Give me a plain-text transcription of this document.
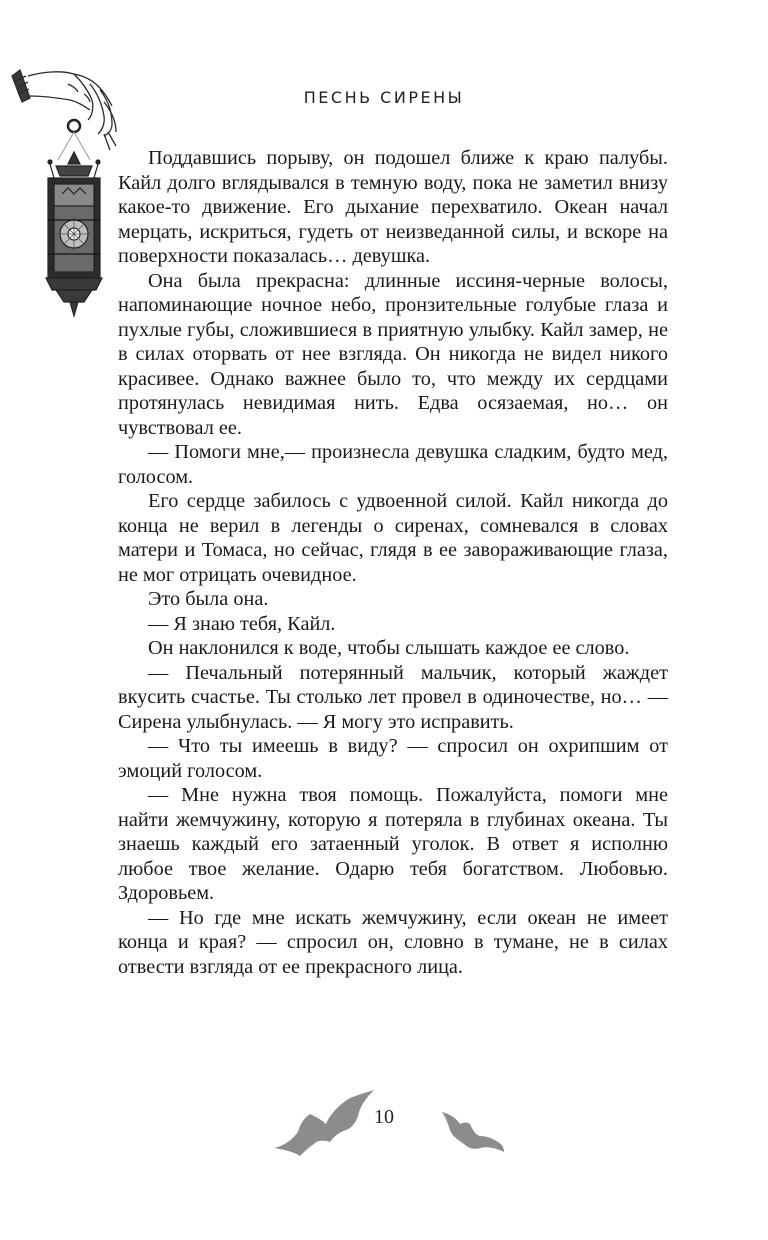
ПЕСНЬ СИРЕНЫ

Поддавшись порыву, он подошел ближе к краю палубы. Кайл долго вглядывался в темную воду, пока не заметил внизу какое-то движение. Его дыхание перехватило. Океан начал мерцать, искриться, гудеть от неизведанной силы, и вскоре на поверхности показалась… девушка.

Она была прекрасна: длинные иссиня-черные волосы, напоминающие ночное небо, пронзительные голубые глаза и пухлые губы, сложившиеся в приятную улыбку. Кайл замер, не в силах оторвать от нее взгляда. Он никогда не видел никого красивее. Однако важнее было то, что между их сердцами протянулась невидимая нить. Едва осязаемая, но… он чувствовал ее.

— Помоги мне,— произнесла девушка сладким, будто мед, голосом.

Его сердце забилось с удвоенной силой. Кайл никогда до конца не верил в легенды о сиренах, сомневался в словах матери и Томаса, но сейчас, глядя в ее завораживающие глаза, не мог отрицать очевидное.

Это была она.

— Я знаю тебя, Кайл.

Он наклонился к воде, чтобы слышать каждое ее слово.

— Печальный потерянный мальчик, который жаждет вкусить счастье. Ты столько лет провел в одиночестве, но… — Сирена улыбнулась. — Я могу это исправить.

— Что ты имеешь в виду? — спросил он охрипшим от эмоций голосом.

— Мне нужна твоя помощь. Пожалуйста, помоги мне найти жемчужину, которую я потеряла в глубинах океана. Ты знаешь каждый его затаенный уголок. В ответ я исполню любое твое желание. Одарю тебя богатством. Любовью. Здоровьем.

— Но где мне искать жемчужину, если океан не имеет конца и края? — спросил он, словно в тумане, не в силах отвести взгляда от ее прекрасного лица.

10
